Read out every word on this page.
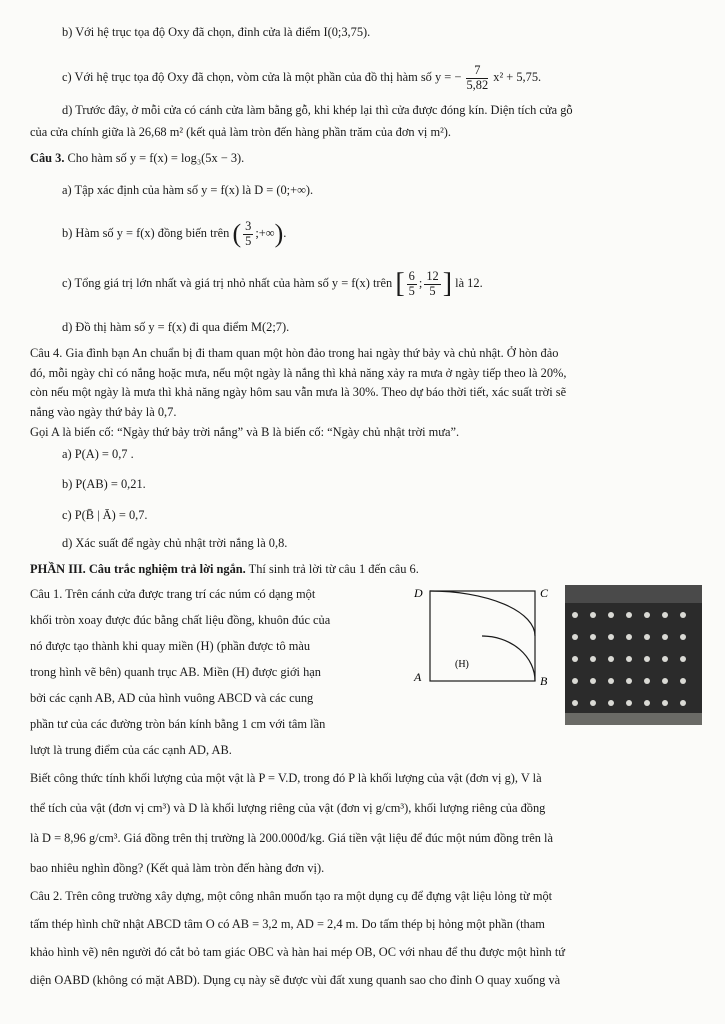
b) Với hệ trục tọa độ Oxy đã chọn, đỉnh cửa là điểm I(0;3,75).
c) Với hệ trục tọa độ Oxy đã chọn, vòm cửa là một phần của đồ thị hàm số y = − $\frac{7}{5,82} x^2 + 5,75$.
d) Trước đây, ở mỗi cửa có cánh cửa làm bằng gỗ, khi khép lại thì cửa được đóng kín. Diện tích cửa gỗ
của cửa chính giữa là 26,68 m² (kết quả làm tròn đến hàng phần trăm của đơn vị m²).
Câu 3. Cho hàm số y = f(x) = log₃(5x − 3).
a) Tập xác định của hàm số y = f(x) là D = (0;+∞).
b) Hàm số y = f(x) đồng biến trên ( $\frac{3}{5}$ ;+∞).
c) Tổng giá trị lớn nhất và giá trị nhỏ nhất của hàm số y = f(x) trên [ $\frac{6}{5}$ ; $\frac{12}{5}$ ] là 12.
d) Đồ thị hàm số y = f(x) đi qua điểm M(2;7).
Câu 4. Gia đình bạn An chuẩn bị đi tham quan một hòn đảo trong hai ngày thứ bảy và chủ nhật. Ở hòn đảo
đó, mỗi ngày chỉ có nắng hoặc mưa, nếu một ngày là nắng thì khả năng xảy ra mưa ở ngày tiếp theo là 20%,
còn nếu một ngày là mưa thì khả năng ngày hôm sau vẫn mưa là 30%. Theo dự báo thời tiết, xác suất trời sẽ
nắng vào ngày thứ bảy là 0,7.
Gọi A là biến cố: “Ngày thứ bảy trời nắng” và B là biến cố: “Ngày chủ nhật trời mưa”.
a) P(A) = 0,7 .
b) P(AB) = 0,21.
c) P(B̄ | Ā) = 0,7.
d) Xác suất để ngày chủ nhật trời nắng là 0,8.
PHẦN III. Câu trắc nghiệm trả lời ngắn. Thí sinh trả lời từ câu 1 đến câu 6.
Câu 1. Trên cánh cửa được trang trí các núm có dạng một
khối tròn xoay được đúc bằng chất liệu đồng, khuôn đúc của
nó được tạo thành khi quay miền (H) (phần được tô màu
trong hình vẽ bên) quanh trục AB. Miền (H) được giới hạn
bởi các cạnh AB, AD của hình vuông ABCD và các cung
phần tư của các đường tròn bán kính bằng 1 cm với tâm lần
lượt là trung điểm của các cạnh AD, AB.
D	C
A	B
(H)
Biết công thức tính khối lượng của một vật là P = V.D, trong đó P là khối lượng của vật (đơn vị g), V là
thể tích của vật (đơn vị cm³) và D là khối lượng riêng của vật (đơn vị g/cm³), khối lượng riêng của đồng
là D = 8,96 g/cm³. Giá đồng trên thị trường là 200.000đ/kg. Giá tiền vật liệu để đúc một núm đồng trên là
bao nhiêu nghìn đồng? (Kết quả làm tròn đến hàng đơn vị).
Câu 2. Trên công trường xây dựng, một công nhân muốn tạo ra một dụng cụ để đựng vật liệu lỏng từ một
tấm thép hình chữ nhật ABCD tâm O có AB = 3,2 m, AD = 2,4 m. Do tấm thép bị hỏng một phần (tham
khảo hình vẽ) nên người đó cắt bỏ tam giác OBC và hàn hai mép OB, OC với nhau để thu được một hình tứ
diện OABD (không có mặt ABD). Dụng cụ này sẽ được vùi đất xung quanh sao cho đỉnh O quay xuống và
